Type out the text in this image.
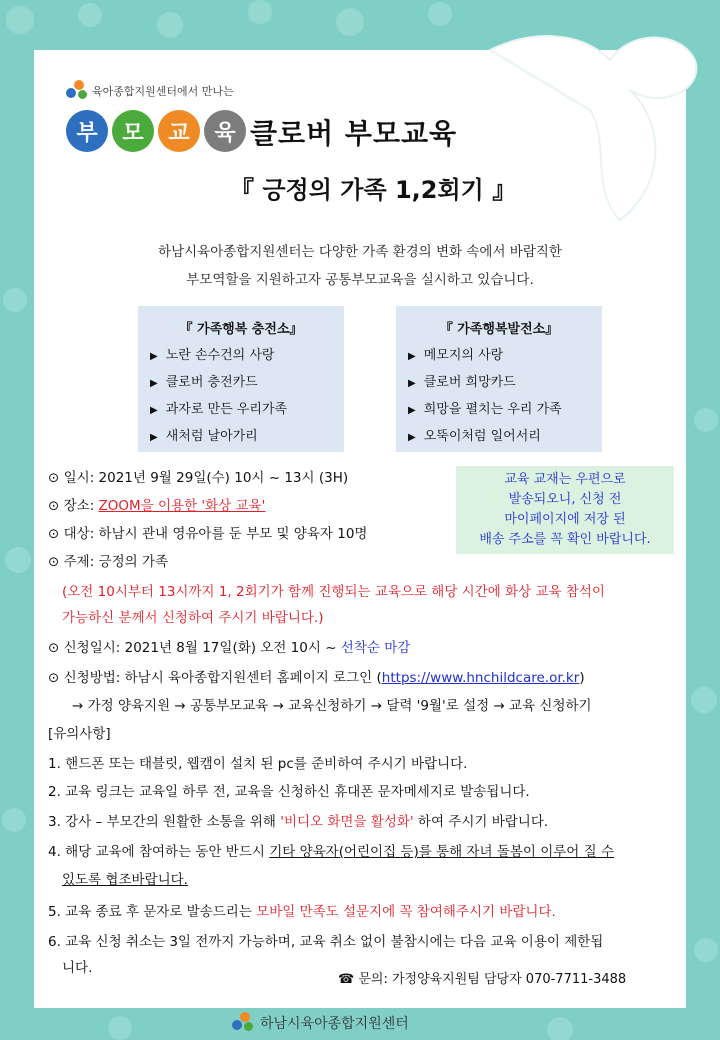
육아종합지원센터에서 만나는
부	모	교	육 클로버 부모교육
『 긍정의 가족 1,2회기 』
하남시육아종합지원센터는 다양한 가족 환경의 변화 속에서 바람직한
부모역할을 지원하고자 공통부모교육을 실시하고 있습니다.
『 가족행복 충전소』
▶ 노란 손수건의 사랑
▶ 클로버 충전카드
▶ 과자로 만든 우리가족
▶ 새처럼 날아가리
『 가족행복발전소』
▶ 메모지의 사랑
▶ 클로버 희망카드
▶ 희망을 펼치는 우리 가족
▶ 오뚝이처럼 일어서리
⊙ 일시: 2021년 9월 29일(수) 10시 ~ 13시 (3H)
⊙ 장소: ZOOM을 이용한 '화상 교육'
⊙ 대상: 하남시 관내 영유아를 둔 부모 및 양육자 10명
⊙ 주제: 긍정의 가족
교육 교재는 우편으로
발송되오니, 신청 전
마이페이지에 저장 된
배송 주소를 꼭 확인 바랍니다.
(오전 10시부터 13시까지 1, 2회기가 함께 진행되는 교육으로 해당 시간에 화상 교육 참석이
가능하신 분께서 신청하여 주시기 바랍니다.)
⊙ 신청일시: 2021년 8월 17일(화) 오전 10시 ~ 선착순 마감
⊙ 신청방법: 하남시 육아종합지원센터 홈페이지 로그인 (https://www.hnchildcare.or.kr)
→ 가정 양육지원 → 공통부모교육 → 교육신청하기 → 달력 '9월'로 설정 → 교육 신청하기
[유의사항]
1. 핸드폰 또는 태블릿, 웹캠이 설치 된 pc를 준비하여 주시기 바랍니다.
2. 교육 링크는 교육일 하루 전, 교육을 신청하신 휴대폰 문자메세지로 발송됩니다.
3. 강사 – 부모간의 원활한 소통을 위해 '비디오 화면을 활성화' 하여 주시기 바랍니다.
4. 해당 교육에 참여하는 동안 반드시 기타 양육자(어린이집 등)를 통해 자녀 돌봄이 이루어 질 수
있도록 협조바랍니다.
5. 교육 종료 후 문자로 발송드리는 모바일 만족도 설문지에 꼭 참여해주시기 바랍니다.
6. 교육 신청 취소는 3일 전까지 가능하며, 교육 취소 없이 불참시에는 다음 교육 이용이 제한됩
니다.
☎ 문의: 가정양육지원팀 담당자 070-7711-3488
하남시육아종합지원센터
